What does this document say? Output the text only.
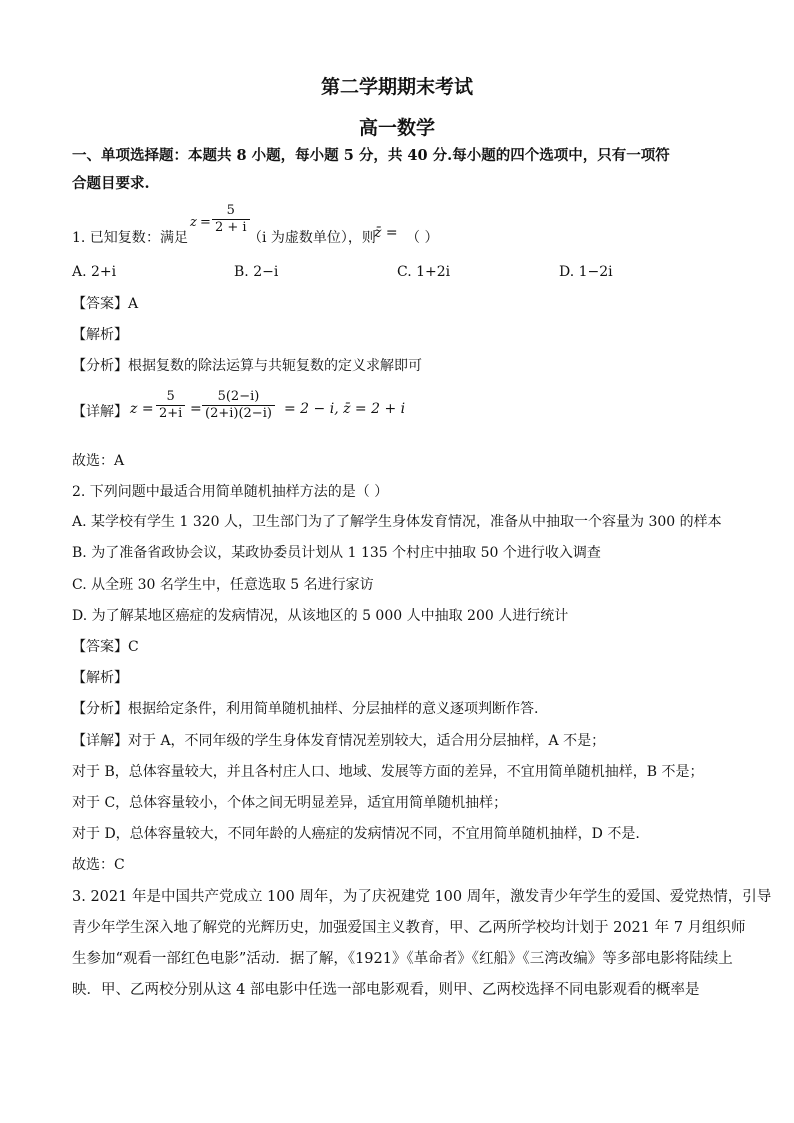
第二学期期末考试
高一数学
一、单项选择题：本题共 8 小题，每小题 5 分，共 40 分.每小题的四个选项中，只有一项符
合题目要求.
1. 已知复数 ：满足
$z = \frac{5}{2 + i}$
（i 为虚数单位），则
z̄ = （ ）
A. 2+i	B. 2−i	C. 1+2i	D. 1−2i
【答案】A
【解析】
【分析】根据复数的除法运算与共轭复数的定义求解即可
【详解】 $z = \frac{5}{2+i} = \frac{5(2-i)}{(2+i)(2-i)} = 2 - i$, z̄ = 2 + i
故选：A
2. 下列问题中最适合用简单随机抽样方法的是（ ）
A. 某学校有学生 1 320 人，卫生部门为了了解学生身体发育情况，准备从中抽取一个容量为 300 的样本
B. 为了准备省政协会议，某政协委员计划从 1 135 个村庄中抽取 50 个进行收入调查
C. 从全班 30 名学生中，任意选取 5 名进行家访
D. 为了解某地区癌症的发病情况，从该地区的 5 000 人中抽取 200 人进行统计
【答案】C
【解析】
【分析】根据给定条件，利用简单随机抽样、分层抽样的意义逐项判断作答.
【详解】对于 A，不同年级的学生身体发育情况差别较大，适合用分层抽样，A 不是；
对于 B，总体容量较大，并且各村庄人口、地域、发展等方面的差异，不宜用简单随机抽样，B 不是；
对于 C，总体容量较小，个体之间无明显差异，适宜用简单随机抽样；
对于 D，总体容量较大，不同年龄的人癌症的发病情况不同，不宜用简单随机抽样，D 不是.
故选：C
3. 2021 年是中国共产党成立 100 周年，为了庆祝建党 100 周年，激发青少年学生的爱国、爱党热情，引导
青少年学生深入地了解党的光辉历史，加强爱国主义教育，甲、乙两所学校均计划于 2021 年 7 月组织师
生参加“观看一部红色电影”活动．据了解，《1921》《革命者》《红船》《三湾改编》等多部电影将陆续上
映．甲、乙两校分别从这 4 部电影中任选一部电影观看，则甲、乙两校选择不同电影观看的概率是
